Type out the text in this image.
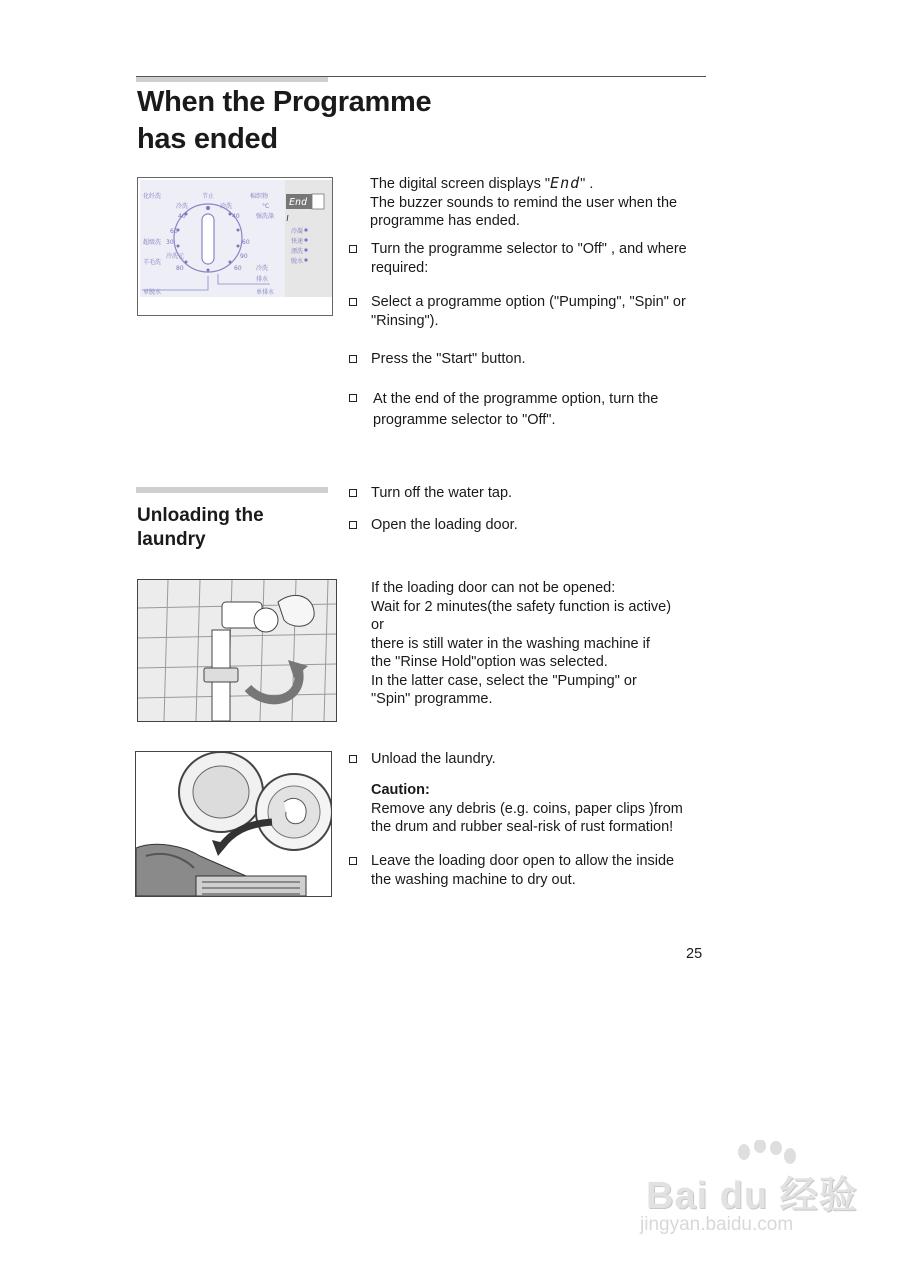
When the Programme
has ended
End
化纤洗	节止	棉织物
冷洗	冷洗	°C
40	40	强洗涤
60
30
冷凝
超级洗	60	快速
羊毛洗
冷洗元	90
漂洗
80	60 冷洗
脱水
排水
单脱水	单排水
The digital screen displays "End" .
The buzzer sounds to remind the user when the
programme has ended.
Turn the programme selector to "Off" , and where
required:
Select a programme option ("Pumping", "Spin" or
"Rinsing").
Press the "Start" button.
At the end of the programme option, turn the
programme selector to "Off".
Unloading the
laundry
Turn off the water tap.
Open the loading door.
If the loading door can not be opened:
Wait for 2 minutes(the safety function is active)
or
there is still water in the washing machine if
the "Rinse Hold"option was selected.
In the latter case, select the "Pumping" or
"Spin" programme.
Unload the laundry.
Caution:
Remove any debris (e.g. coins, paper clips )from
the drum and rubber seal-risk of rust formation!
Leave the loading door open to allow the inside
the washing machine to dry out.
25
Bai du 经验
jingyan.baidu.com
